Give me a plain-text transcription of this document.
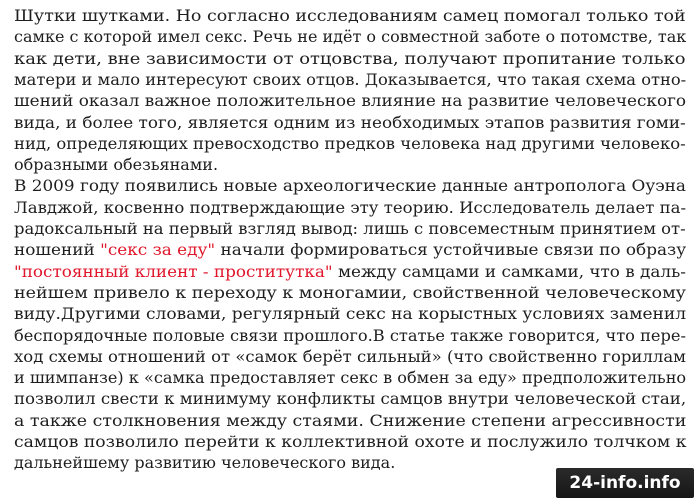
Шутки шутками. Но согласно исследованиям самец помогал только той
самке с которой имел секс. Речь не идёт о совместной заботе о потомстве, так
как дети, вне зависимости от отцовства, получают пропитание только
матери и мало интересуют своих отцов. Доказывается, что такая схема отно-
шений оказал важное положительное влияние на развитие человеческого
вида, и более того, является одним из необходимых этапов развития гоми-
нид, определяющих превосходство предков человека над другими человеко-
образными обезьянами.
В 2009 году появились новые археологические данные антрополога Оуэна
Лавджой, косвенно подтверждающие эту теорию. Исследователь делает па-
радоксальный на первый взгляд вывод: лишь с повсеместным принятием от-
ношений "секс за еду" начали формироваться устойчивые связи по образу
"постоянный клиент - проститутка" между самцами и самками, что в даль-
нейшем привело к переходу к моногамии, свойственной человеческому
виду.Другими словами, регулярный секс на корыстных условиях заменил
беспорядочные половые связи прошлого.В статье также говорится, что пере-
ход схемы отношений от «самок берёт сильный» (что свойственно гориллам
и шимпанзе) к «самка предоставляет секс в обмен за еду» предположительно
позволил свести к минимуму конфликты самцов внутри человеческой стаи,
а также столкновения между стаями. Снижение степени агрессивности
самцов позволило перейти к коллективной охоте и послужило толчком к
дальнейшему развитию человеческого вида.
24-info.info
